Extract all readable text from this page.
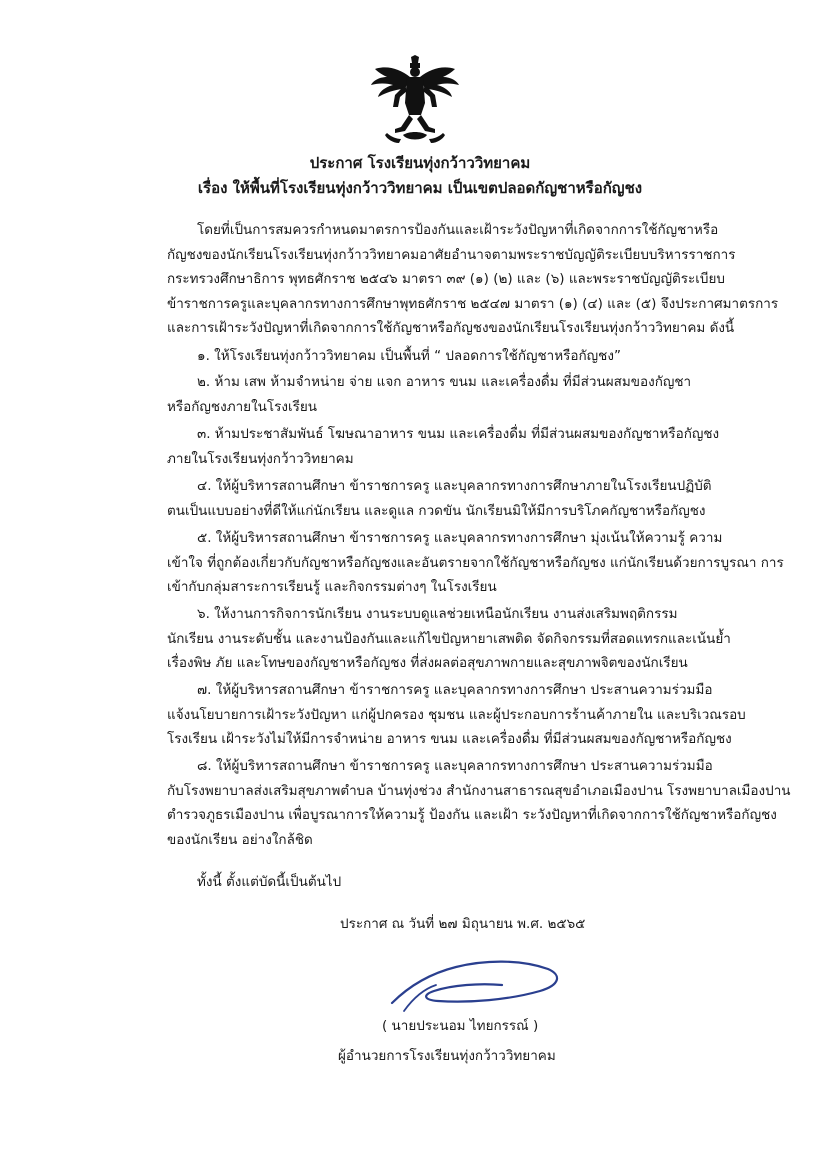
ประกาศ โรงเรียนทุ่งกว้าววิทยาคม
เรื่อง ให้พื้นที่โรงเรียนทุ่งกว้าววิทยาคม เป็นเขตปลอดกัญชาหรือกัญชง
โดยที่เป็นการสมควรกำหนดมาตรการป้องกันและเฝ้าระวังปัญหาที่เกิดจากการใช้กัญชาหรือ
กัญชงของนักเรียนโรงเรียนทุ่งกว้าววิทยาคมอาศัยอำนาจตามพระราชบัญญัติระเบียบบริหารราชการ
กระทรวงศึกษาธิการ พุทธศักราช ๒๕๔๖ มาตรา ๓๙ (๑) (๒) และ (๖) และพระราชบัญญัติระเบียบ
ข้าราชการครูและบุคลากรทางการศึกษาพุทธศักราช ๒๕๔๗ มาตรา (๑) (๔) และ (๕) จึงประกาศมาตรการ
และการเฝ้าระวังปัญหาที่เกิดจากการใช้กัญชาหรือกัญชงของนักเรียนโรงเรียนทุ่งกว้าววิทยาคม ดังนี้
๑. ให้โรงเรียนทุ่งกว้าววิทยาคม เป็นพื้นที่ “ ปลอดการใช้กัญชาหรือกัญชง”
๒. ห้าม เสพ ห้ามจำหน่าย จ่าย แจก อาหาร ขนม และเครื่องดื่ม ที่มีส่วนผสมของกัญชา
หรือกัญชงภายในโรงเรียน
๓. ห้ามประชาสัมพันธ์ โฆษณาอาหาร ขนม และเครื่องดื่ม ที่มีส่วนผสมของกัญชาหรือกัญชง
ภายในโรงเรียนทุ่งกว้าววิทยาคม
๔. ให้ผู้บริหารสถานศึกษา ข้าราชการครู และบุคลากรทางการศึกษาภายในโรงเรียนปฏิบัติ
ตนเป็นแบบอย่างที่ดีให้แก่นักเรียน และดูแล กวดขัน นักเรียนมิให้มีการบริโภคกัญชาหรือกัญชง
๕. ให้ผู้บริหารสถานศึกษา ข้าราชการครู และบุคลากรทางการศึกษา มุ่งเน้นให้ความรู้ ความ
เข้าใจ ที่ถูกต้องเกี่ยวกับกัญชาหรือกัญชงและอันตรายจากใช้กัญชาหรือกัญชง แก่นักเรียนด้วยการบูรณา การ
เข้ากับกลุ่มสาระการเรียนรู้ และกิจกรรมต่างๆ ในโรงเรียน
๖. ให้งานการกิจการนักเรียน งานระบบดูแลช่วยเหนือนักเรียน งานส่งเสริมพฤติกรรม
นักเรียน งานระดับชั้น และงานป้องกันและแก้ไขปัญหายาเสพติด จัดกิจกรรมที่สอดแทรกและเน้นย้ำ
เรื่องพิษ ภัย และโทษของกัญชาหรือกัญชง ที่ส่งผลต่อสุขภาพกายและสุขภาพจิตของนักเรียน
๗. ให้ผู้บริหารสถานศึกษา ข้าราชการครู และบุคลากรทางการศึกษา ประสานความร่วมมือ
แจ้งนโยบายการเฝ้าระวังปัญหา แก่ผู้ปกครอง ชุมชน และผู้ประกอบการร้านค้าภายใน และบริเวณรอบ
โรงเรียน เฝ้าระวังไม่ให้มีการจำหน่าย อาหาร ขนม และเครื่องดื่ม ที่มีส่วนผสมของกัญชาหรือกัญชง
๘. ให้ผู้บริหารสถานศึกษา ข้าราชการครู และบุคลากรทางการศึกษา ประสานความร่วมมือ
กับโรงพยาบาลส่งเสริมสุขภาพตำบล บ้านทุ่งช่วง สำนักงานสาธารณสุขอำเภอเมืองปาน โรงพยาบาลเมืองปาน
ตำรวจภูธรเมืองปาน เพื่อบูรณาการให้ความรู้ ป้องกัน และเฝ้า ระวังปัญหาที่เกิดจากการใช้กัญชาหรือกัญชง
ของนักเรียน อย่างใกล้ชิด
ทั้งนี้ ตั้งแต่บัดนี้เป็นต้นไป
ประกาศ ณ วันที่ ๒๗ มิถุนายน พ.ศ. ๒๕๖๕
( นายประนอม ไทยกรรณ์ )
ผู้อำนวยการโรงเรียนทุ่งกว้าววิทยาคม
